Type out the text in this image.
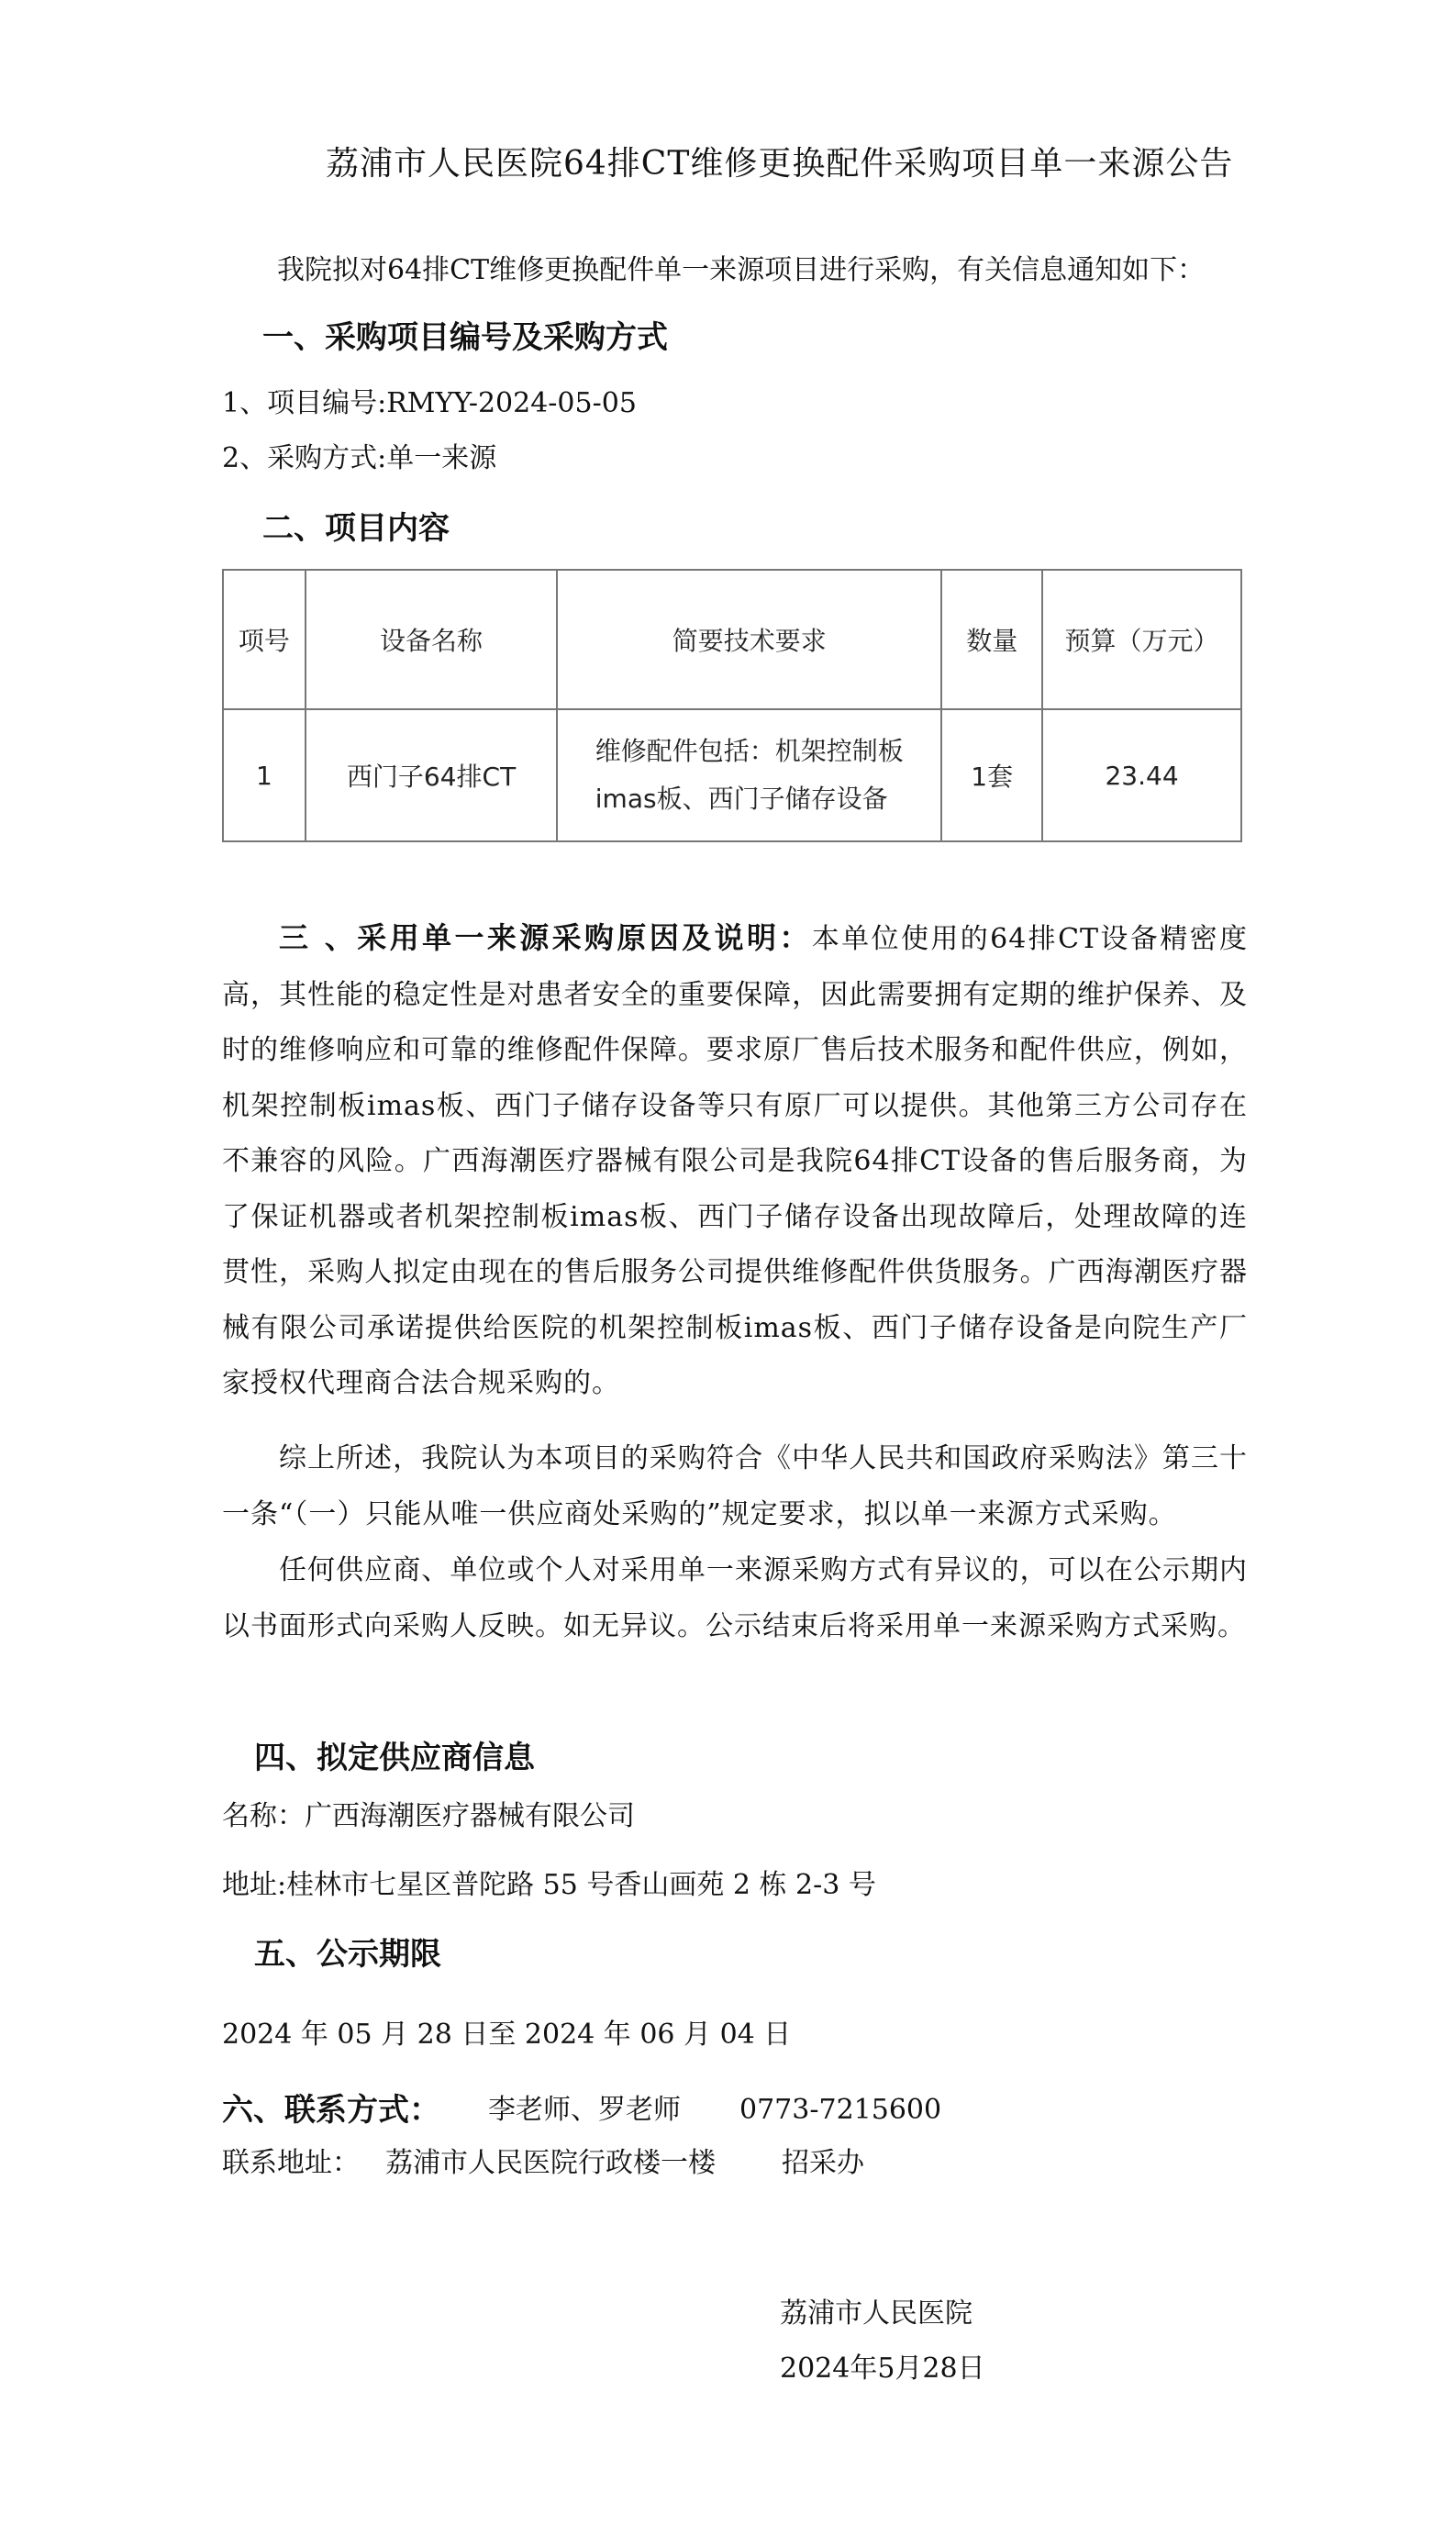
荔浦市人民医院64排CT维修更换配件采购项目单一来源公告
我院拟对64排CT维修更换配件单一来源项目进行采购，有关信息通知如下：
一、采购项目编号及采购方式
1、项目编号:RMYY-2024-05-05
2、采购方式:单一来源
二、项目内容
项号	设备名称	简要技术要求	数量	预算（万元）
1	西门子64排CT	维修配件包括：机架控制板
imas板、西门子储存设备	1套	23.44
三 、采用单一来源采购原因及说明：本单位使用的64排CT设备精密度高，其性能的稳定性是对患者安全的重要保障，因此需要拥有定期的维护保养、及时的维修响应和可靠的维修配件保障。要求原厂售后技术服务和配件供应，例如，机架控制板imas板、西门子储存设备等只有原厂可以提供。其他第三方公司存在不兼容的风险。广西海潮医疗器械有限公司是我院64排CT设备的售后服务商，为了保证机器或者机架控制板imas板、西门子储存设备出现故障后，处理故障的连贯性，采购人拟定由现在的售后服务公司提供维修配件供货服务。广西海潮医疗器械有限公司承诺提供给医院的机架控制板imas板、西门子储存设备是向院生产厂家授权代理商合法合规采购的。
综上所述，我院认为本项目的采购符合《中华人民共和国政府采购法》第三十一条“（一）只能从唯一供应商处采购的”规定要求，拟以单一来源方式采购。
任何供应商、单位或个人对采用单一来源采购方式有异议的，可以在公示期内以书面形式向采购人反映。如无异议。公示结束后将采用单一来源采购方式采购。
四、拟定供应商信息
名称：广西海潮医疗器械有限公司
地址:桂林市七星区普陀路 55 号香山画苑 2 栋 2-3 号
五、公示期限
2024 年 05 月 28 日至 2024 年 06 月 04 日
六、联系方式： 李老师、罗老师 0773-7215600
联系地址： 荔浦市人民医院行政楼一楼 招采办
荔浦市人民医院
2024年5月28日
